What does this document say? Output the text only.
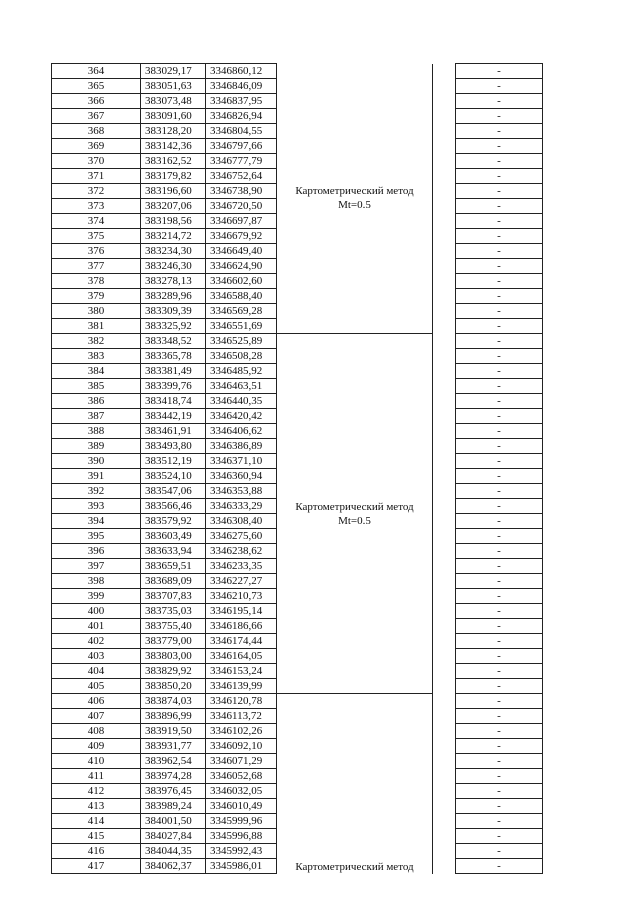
364	383029,17	3346860,12	Картометрический метод
Mt=0.5		-
365	383051,63	3346846,09			-
366	383073,48	3346837,95			-
367	383091,60	3346826,94			-
368	383128,20	3346804,55			-
369	383142,36	3346797,66			-
370	383162,52	3346777,79			-
371	383179,82	3346752,64			-
372	383196,60	3346738,90			-
373	383207,06	3346720,50			-
374	383198,56	3346697,87			-
375	383214,72	3346679,92			-
376	383234,30	3346649,40			-
377	383246,30	3346624,90			-
378	383278,13	3346602,60			-
379	383289,96	3346588,40			-
380	383309,39	3346569,28			-
381	383325,92	3346551,69			-
382	383348,52	3346525,89	Картометрический метод
Mt=0.5		-
383	383365,78	3346508,28			-
384	383381,49	3346485,92			-
385	383399,76	3346463,51			-
386	383418,74	3346440,35			-
387	383442,19	3346420,42			-
388	383461,91	3346406,62			-
389	383493,80	3346386,89			-
390	383512,19	3346371,10			-
391	383524,10	3346360,94			-
392	383547,06	3346353,88			-
393	383566,46	3346333,29			-
394	383579,92	3346308,40			-
395	383603,49	3346275,60			-
396	383633,94	3346238,62			-
397	383659,51	3346233,35			-
398	383689,09	3346227,27			-
399	383707,83	3346210,73			-
400	383735,03	3346195,14			-
401	383755,40	3346186,66			-
402	383779,00	3346174,44			-
403	383803,00	3346164,05			-
404	383829,92	3346153,24			-
405	383850,20	3346139,99			-
406	383874,03	3346120,78	Картометрический метод		-
407	383896,99	3346113,72			-
408	383919,50	3346102,26			-
409	383931,77	3346092,10			-
410	383962,54	3346071,29			-
411	383974,28	3346052,68			-
412	383976,45	3346032,05			-
413	383989,24	3346010,49			-
414	384001,50	3345999,96			-
415	384027,84	3345996,88			-
416	384044,35	3345992,43			-
417	384062,37	3345986,01			-
